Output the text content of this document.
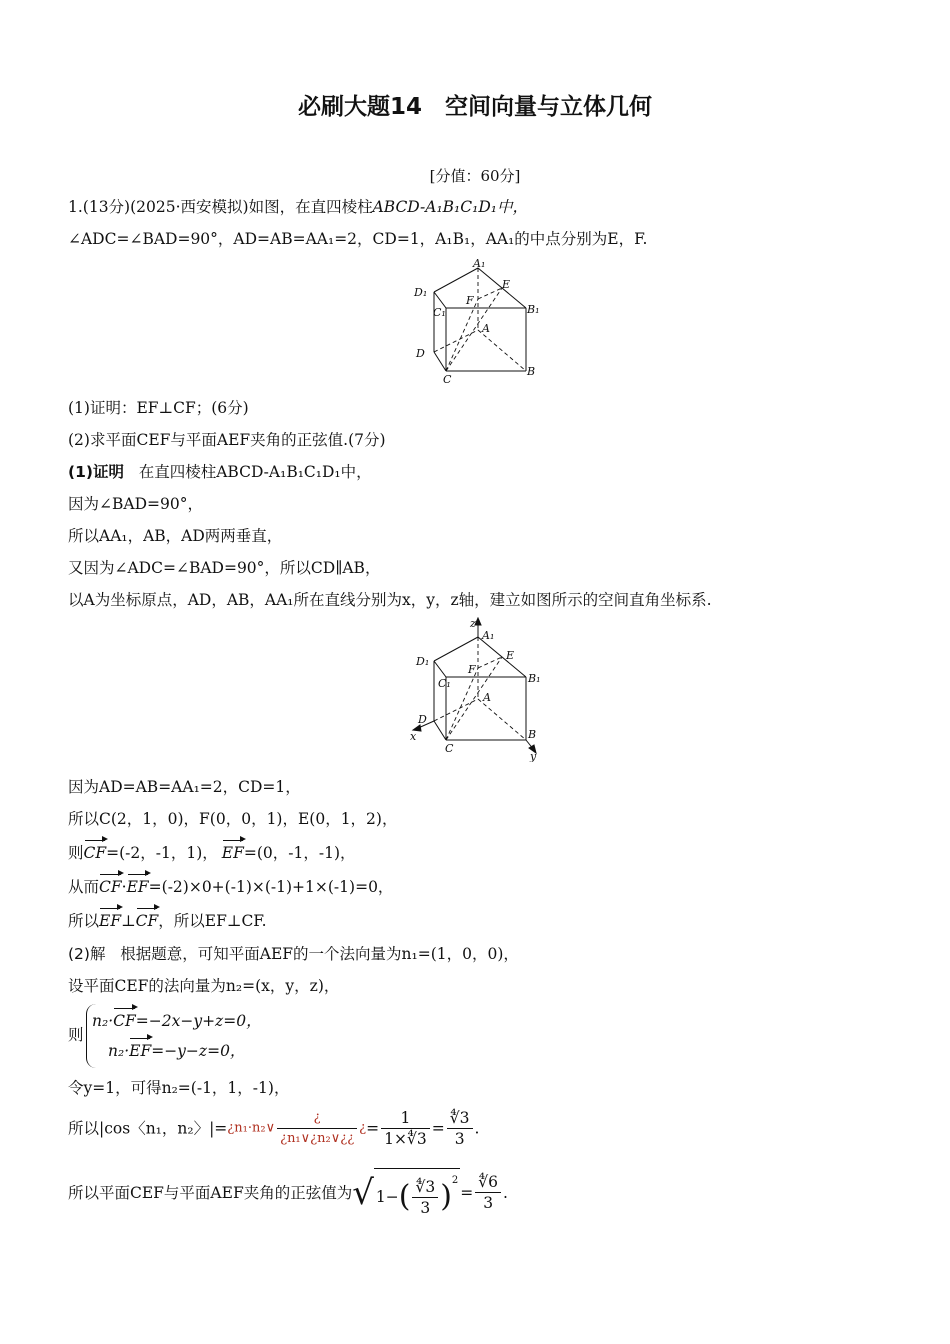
必刷大题14　空间向量与立体几何
[分值：60分]
1.(13分)(2025·西安模拟)如图，在直四棱柱ABCD-A₁B₁C₁D₁中，
∠ADC=∠BAD=90°，AD=AB=AA₁=2，CD=1，A₁B₁，AA₁的中点分别为E，F.
A₁
E
D₁
F
B₁
C₁
A
D
B
C
(1)证明：EF⊥CF；(6分)
(2)求平面CEF与平面AEF夹角的正弦值.(7分)
(1)证明 在直四棱柱ABCD-A₁B₁C₁D₁中，
因为∠BAD=90°，
所以AA₁，AB，AD两两垂直，
又因为∠ADC=∠BAD=90°，所以CD∥AB，
以A为坐标原点，AD，AB，AA₁所在直线分别为x，y，z轴，建立如图所示的空间直角坐标系.
z
A₁
E
D₁
F
B₁
C₁
A
D
x	B
C
y
因为AD=AB=AA₁=2，CD=1，
所以C(2，1，0)，F(0，0，1)，E(0，1，2)，
则CF=(-2，-1，1)， EF=(0，-1，-1)，
从而CF·EF=(-2)×0+(-1)×(-1)+1×(-1)=0，
所以EF⊥CF，所以EF⊥CF.
(2)解 根据题意，可知平面AEF的一个法向量为n₁=(1，0，0)，
设平面CEF的法向量为n₂=(x，y，z)，
则
n₂·CF=−2x−y+z=0，
n₂·EF=−y−z=0，
令y=1，可得n₂=(-1，1，-1)，
所以|cos〈n₁，n₂〉|=¿n₁·n₂∨ $\frac{¿}{\text{¿n₁∨¿n₂∨¿¿}}$ ¿= $\frac{1}{1\times∜3} = \frac{∜3}{3}$ .
所以平面CEF与平面AEF夹角的正弦值为√ $1-( \frac{∜3}{3} )^2= \frac{∜6}{3}$ .
